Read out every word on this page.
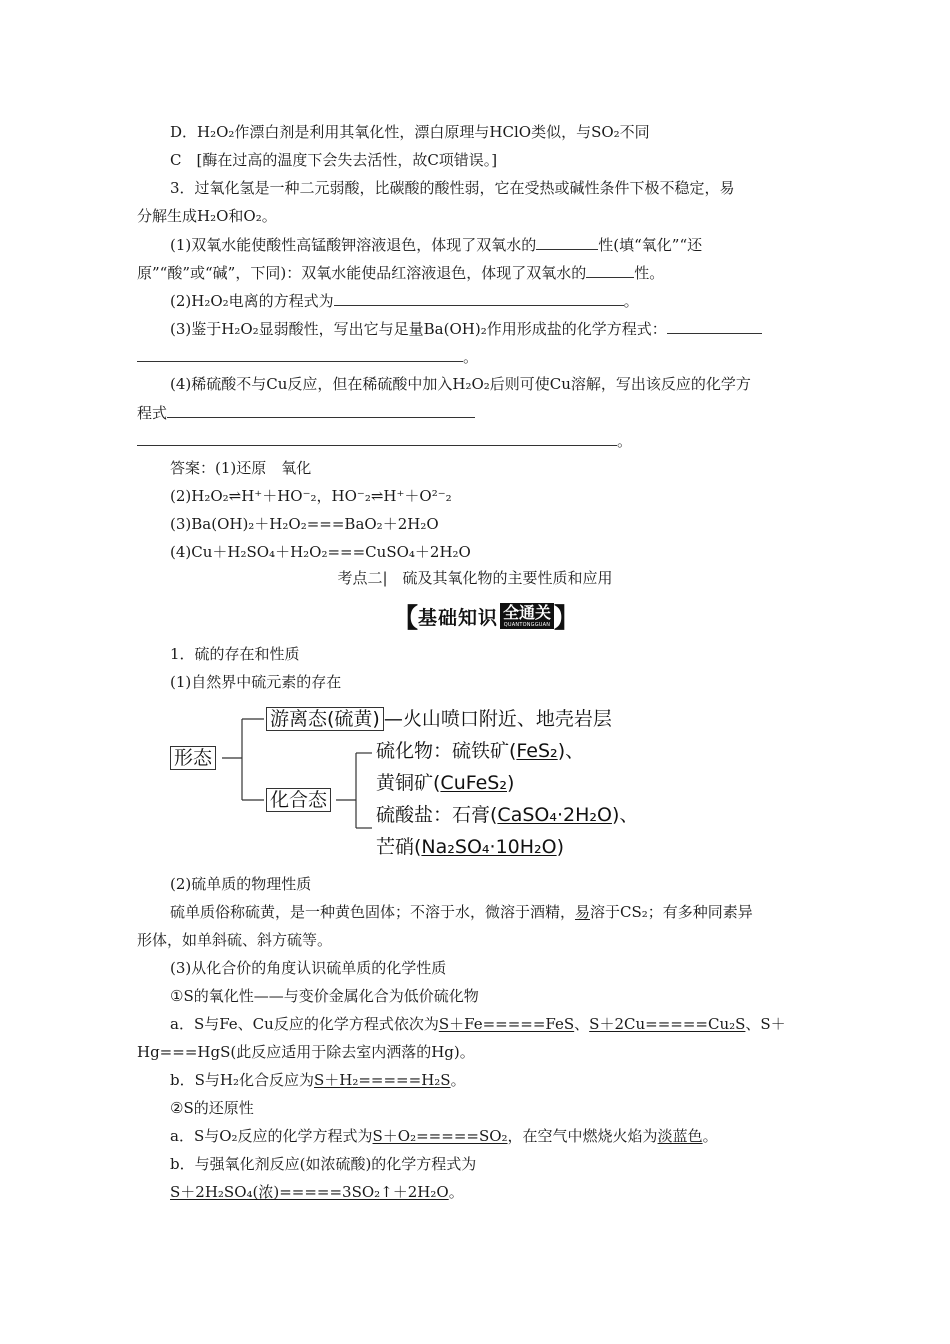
D．H₂O₂作漂白剂是利用其氧化性，漂白原理与HClO类似，与SO₂不同
C　[酶在过高的温度下会失去活性，故C项错误。]
3．过氧化氢是一种二元弱酸，比碳酸的酸性弱，它在受热或碱性条件下极不稳定，易
分解生成H₂O和O₂。
(1)双氧水能使酸性高锰酸钾溶液退色，体现了双氧水的	性(填“氧化”“还
原”“酸”或“碱”，下同)：双氧水能使品红溶液退色，体现了双氧水的	性。
(2)H₂O₂电离的方程式为	。
(3)鉴于H₂O₂显弱酸性，写出它与足量Ba(OH)₂作用形成盐的化学方程式：
。
(4)稀硫酸不与Cu反应，但在稀硫酸中加入H₂O₂后则可使Cu溶解，写出该反应的化学方
程式
。
答案：(1)还原　氧化
(2)H₂O₂⇌H⁺＋HO⁻₂，HO⁻₂⇌H⁺＋O²⁻₂
(3)Ba(OH)₂＋H₂O₂===BaO₂＋2H₂O
(4)Cu＋H₂SO₄＋H₂O₂===CuSO₄＋2H₂O
考点二|　硫及其氧化物的主要性质和应用
【 基础知识 全通关
QUANTONGGUAN 】
1．硫的存在和性质
(1)自然界中硫元素的存在
形态
游离态(硫黄) —火山喷口附近、地壳岩层
化合态
硫化物：硫铁矿(FeS₂)、
黄铜矿(CuFeS₂)
硫酸盐：石膏(CaSO₄·2H₂O)、
芒硝(Na₂SO₄·10H₂O)
(2)硫单质的物理性质
硫单质俗称硫黄，是一种黄色固体；不溶于水，微溶于酒精，易溶于CS₂；有多种同素异
形体，如单斜硫、斜方硫等。
(3)从化合价的角度认识硫单质的化学性质
①S的氧化性——与变价金属化合为低价硫化物
a．S与Fe、Cu反应的化学方程式依次为S＋Fe=====FeS、S＋2Cu=====Cu₂S、S＋
Hg===HgS(此反应适用于除去室内洒落的Hg)。
b．S与H₂化合反应为S＋H₂=====H₂S。
②S的还原性
a．S与O₂反应的化学方程式为S＋O₂=====SO₂，在空气中燃烧火焰为淡蓝色。
b．与强氧化剂反应(如浓硫酸)的化学方程式为
S＋2H₂SO₄(浓)=====3SO₂↑＋2H₂O。
